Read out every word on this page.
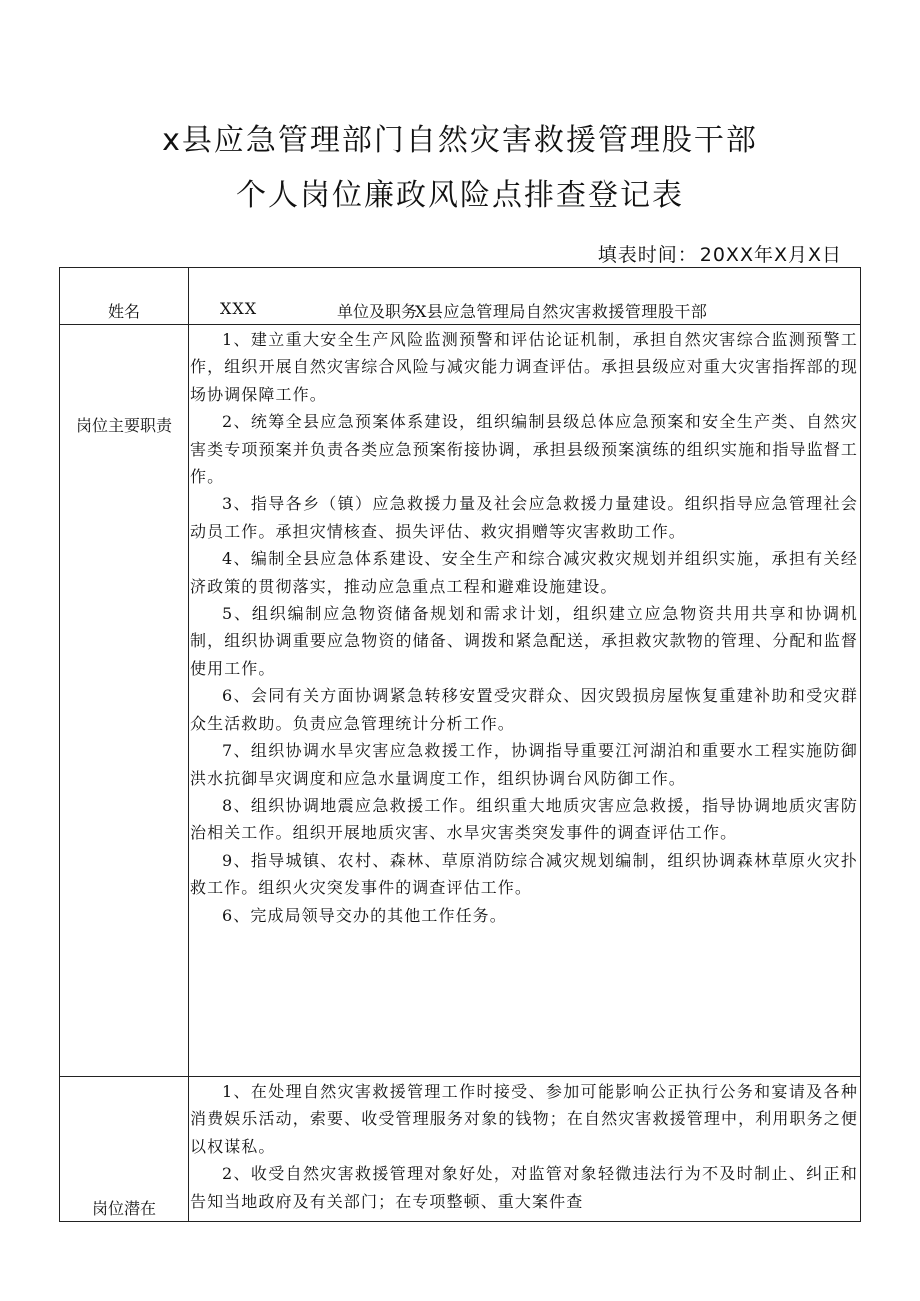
x县应急管理部门自然灾害救援管理股干部
个人岗位廉政风险点排查登记表
填表时间： 20XX年X月X日
姓名	XXX	单位及职务
X县应急管理局自然灾害救援管理股干部
岗位主要职责

1、建立重大安全生产风险监测预警和评估论证机制，承担自然灾害综合监测预警工作，组织开展自然灾害综合风险与减灾能力调查评估。承担县级应对重大灾害指挥部的现场协调保障工作。

2、统筹全县应急预案体系建设，组织编制县级总体应急预案和安全生产类、自然灾害类专项预案并负责各类应急预案衔接协调，承担县级预案演练的组织实施和指导监督工作。

3、指导各乡（镇）应急救援力量及社会应急救援力量建设。组织指导应急管理社会动员工作。承担灾情核查、损失评估、救灾捐赠等灾害救助工作。

4、编制全县应急体系建设、安全生产和综合减灾救灾规划并组织实施，承担有关经济政策的贯彻落实，推动应急重点工程和避难设施建设。

5、组织编制应急物资储备规划和需求计划，组织建立应急物资共用共享和协调机制，组织协调重要应急物资的储备、调拨和紧急配送，承担救灾款物的管理、分配和监督使用工作。

6、会同有关方面协调紧急转移安置受灾群众、因灾毁损房屋恢复重建补助和受灾群众生活救助。负责应急管理统计分析工作。

7、组织协调水旱灾害应急救援工作，协调指导重要江河湖泊和重要水工程实施防御洪水抗御旱灾调度和应急水量调度工作，组织协调台风防御工作。

8、组织协调地震应急救援工作。组织重大地质灾害应急救援，指导协调地质灾害防治相关工作。组织开展地质灾害、水旱灾害类突发事件的调查评估工作。

9、指导城镇、农村、森林、草原消防综合减灾规划编制，组织协调森林草原火灾扑救工作。组织火灾突发事件的调查评估工作。

6、完成局领导交办的其他工作任务。

岗位潜在

1、在处理自然灾害救援管理工作时接受、参加可能影响公正执行公务和宴请及各种消费娱乐活动，索要、收受管理服务对象的钱物；在自然灾害救援管理中，利用职务之便以权谋私。

2、收受自然灾害救援管理对象好处，对监管对象轻微违法行为不及时制止、纠正和告知当地政府及有关部门；在专项整顿、重大案件查
